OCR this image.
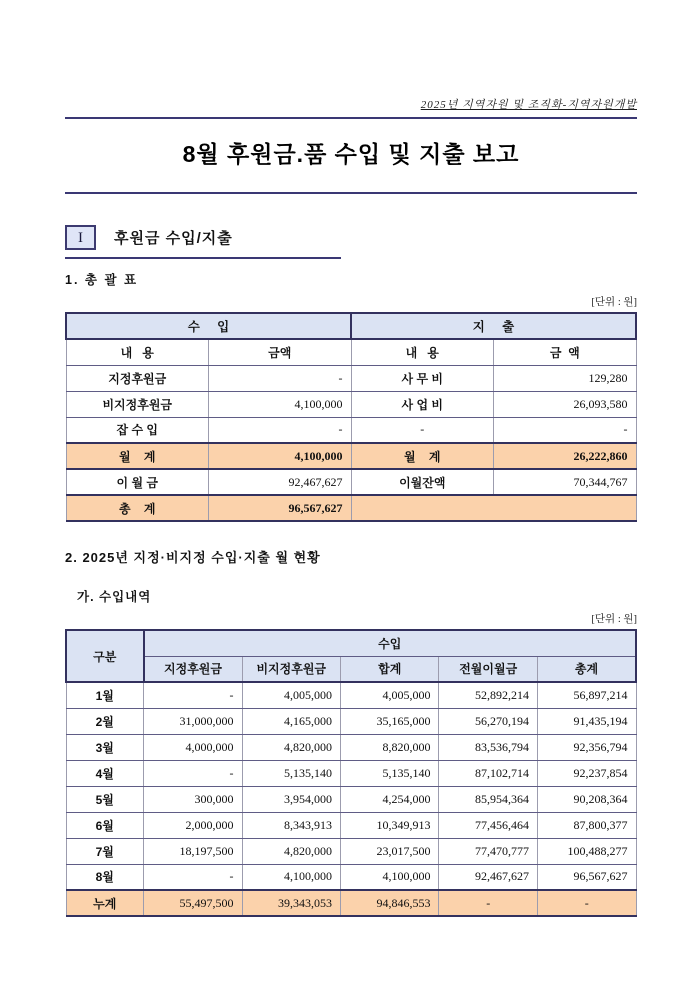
2025년 지역자원 및 조직화-지역자원개발
8월 후원금.품 수입 및 지출 보고
I 후원금 수입/지출
1. 총 괄 표
[단위 : 원]
수     입		지     출	
내   용	금액	내   용	금  액
지정후원금	-	사 무 비	129,280
비지정후원금	4,100,000	사 업 비	26,093,580
잡 수 입	-	-	-
월    계	4,100,000	월    계	26,222,860
이 월 금	92,467,627	이월잔액	70,344,767
총    계	96,567,627		
2. 2025년 지정·비지정 수입·지출 월 현황
가. 수입내역
[단위 : 원]
구분	수입				
	지정후원금	비지정후원금	합계	전월이월금	총계
1월	-	4,005,000	4,005,000	52,892,214	56,897,214
2월	31,000,000	4,165,000	35,165,000	56,270,194	91,435,194
3월	4,000,000	4,820,000	8,820,000	83,536,794	92,356,794
4월	-	5,135,140	5,135,140	87,102,714	92,237,854
5월	300,000	3,954,000	4,254,000	85,954,364	90,208,364
6월	2,000,000	8,343,913	10,349,913	77,456,464	87,800,377
7월	18,197,500	4,820,000	23,017,500	77,470,777	100,488,277
8월	-	4,100,000	4,100,000	92,467,627	96,567,627
누계	55,497,500	39,343,053	94,846,553	-	-
